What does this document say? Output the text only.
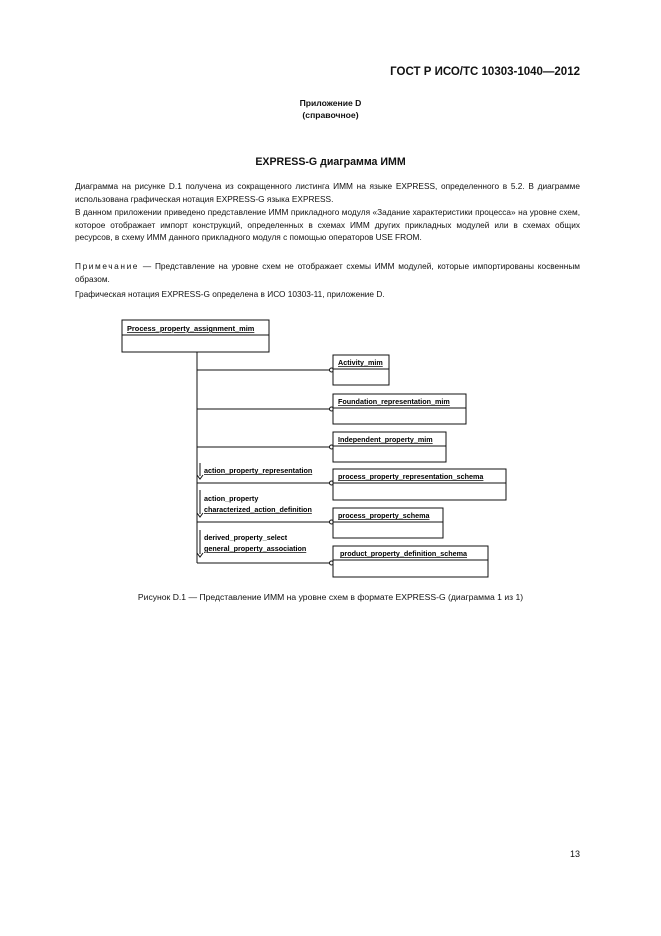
ГОСТ Р ИСО/ТС 10303-1040—2012
Приложение D
(справочное)
EXPRESS-G диаграмма ИММ
Диаграмма на рисунке D.1 получена из сокращенного листинга ИММ на языке EXPRESS, определенного в 5.2. В диаграмме использована графическая нотация EXPRESS-G языка EXPRESS.
В данном приложении приведено представление ИММ прикладного модуля «Задание характеристики процесса» на уровне схем, которое отображает импорт конструкций, определенных в схемах ИММ других прикладных модулей или в схемах общих ресурсов, в схему ИММ данного прикладного модуля с помощью операторов USE FROM.
Примечание — Представление на уровне схем не отображает схемы ИММ модулей, которые импортированы косвенным образом.
Графическая нотация EXPRESS-G определена в ИСО 10303-11, приложение D.
Process_property_assignment_mim
Activity_mim
Foundation_representation_mim
Independent_property_mim
process_property_representation_schema
process_property_schema
product_property_definition_schema
action_property_representation
action_property
characterized_action_definition
derived_property_select
general_property_association
Рисунок D.1 — Представление ИММ на уровне схем в формате EXPRESS-G (диаграмма 1 из 1)
13
